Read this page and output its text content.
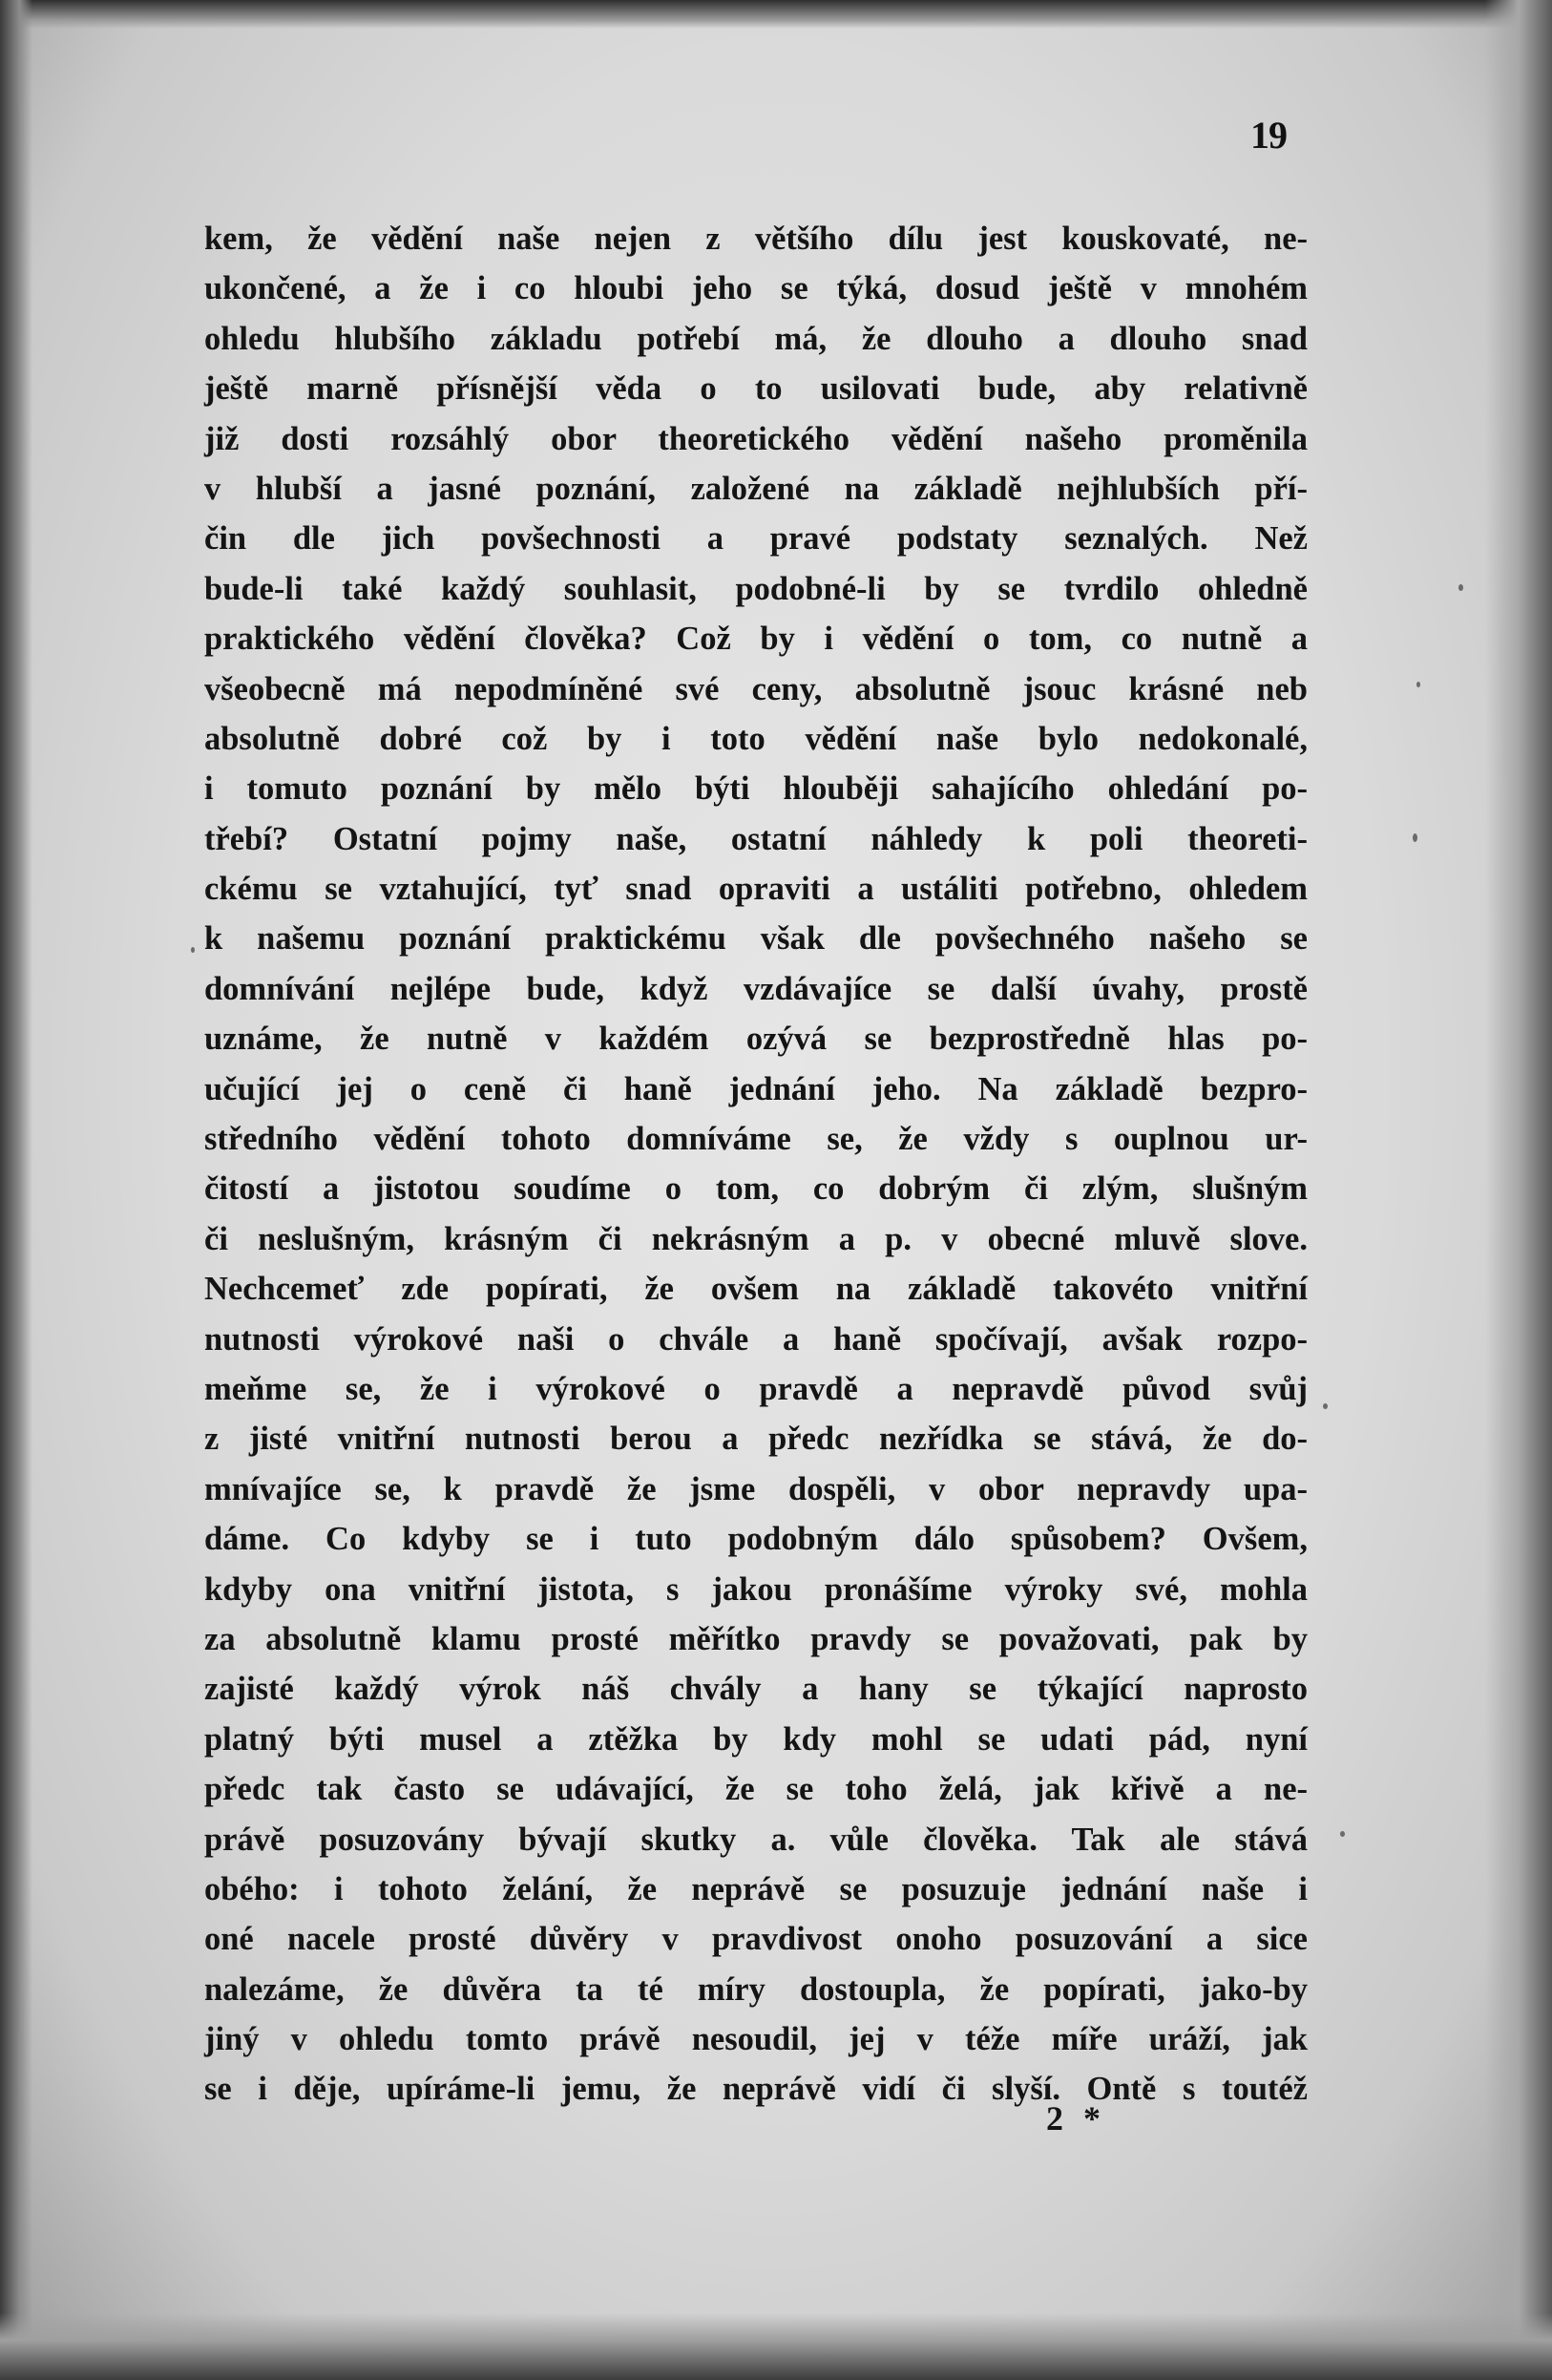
19
kem, že vědění naše nejen z většího dílu jest kouskovaté, ne-
ukončené, a že i co hloubi jeho se týká, dosud ještě v mnohém
ohledu hlubšího základu potřebí má, že dlouho a dlouho snad
ještě marně přísnější věda o to usilovati bude, aby relativně
již dosti rozsáhlý obor theoretického vědění našeho proměnila
v hlubší a jasné poznání, založené na základě nejhlubších pří-
čin dle jich povšechnosti a pravé podstaty seznalých. Než
bude-li také každý souhlasit, podobné-li by se tvrdilo ohledně
praktického vědění člověka? Což by i vědění o tom, co nutně a
všeobecně má nepodmíněné své ceny, absolutně jsouc krásné neb
absolutně dobré což by i toto vědění naše bylo nedokonalé,
i tomuto poznání by mělo býti hlouběji sahajícího ohledání po-
třebí? Ostatní pojmy naše, ostatní náhledy k poli theoreti-
ckému se vztahující, tyť snad opraviti a ustáliti potřebno, ohledem
k našemu poznání praktickému však dle povšechného našeho se
domnívání nejlépe bude, když vzdávajíce se další úvahy, prostě
uznáme, že nutně v každém ozývá se bezprostředně hlas po-
učující jej o ceně či haně jednání jeho. Na základě bezpro-
středního vědění tohoto domníváme se, že vždy s ouplnou ur-
čitostí a jistotou soudíme o tom, co dobrým či zlým, slušným
či neslušným, krásným či nekrásným a p. v obecné mluvě slove.
Nechcemeť zde popírati, že ovšem na základě takovéto vnitřní
nutnosti výrokové naši o chvále a haně spočívají, avšak rozpo-
meňme se, že i výrokové o pravdě a nepravdě původ svůj
z jisté vnitřní nutnosti berou a předc nezřídka se stává, že do-
mnívajíce se, k pravdě že jsme dospěli, v obor nepravdy upa-
dáme. Co kdyby se i tuto podobným dálo spůsobem? Ovšem,
kdyby ona vnitřní jistota, s jakou pronášíme výroky své, mohla
za absolutně klamu prosté měřítko pravdy se považovati, pak by
zajisté každý výrok náš chvály a hany se týkající naprosto
platný býti musel a ztěžka by kdy mohl se udati pád, nyní
předc tak často se udávající, že se toho želá, jak křivě a ne-
právě posuzovány bývají skutky a. vůle člověka. Tak ale stává
obého: i tohoto želání, že neprávě se posuzuje jednání naše i
oné nacele prosté důvěry v pravdivost onoho posuzování a sice
nalezáme, že důvěra ta té míry dostoupla, že popírati, jako-by
jiný v ohledu tomto právě nesoudil, jej v téže míře uráží, jak
se i děje, upíráme-li jemu, že neprávě vidí či slyší. Ontě s toutéž
2 *
